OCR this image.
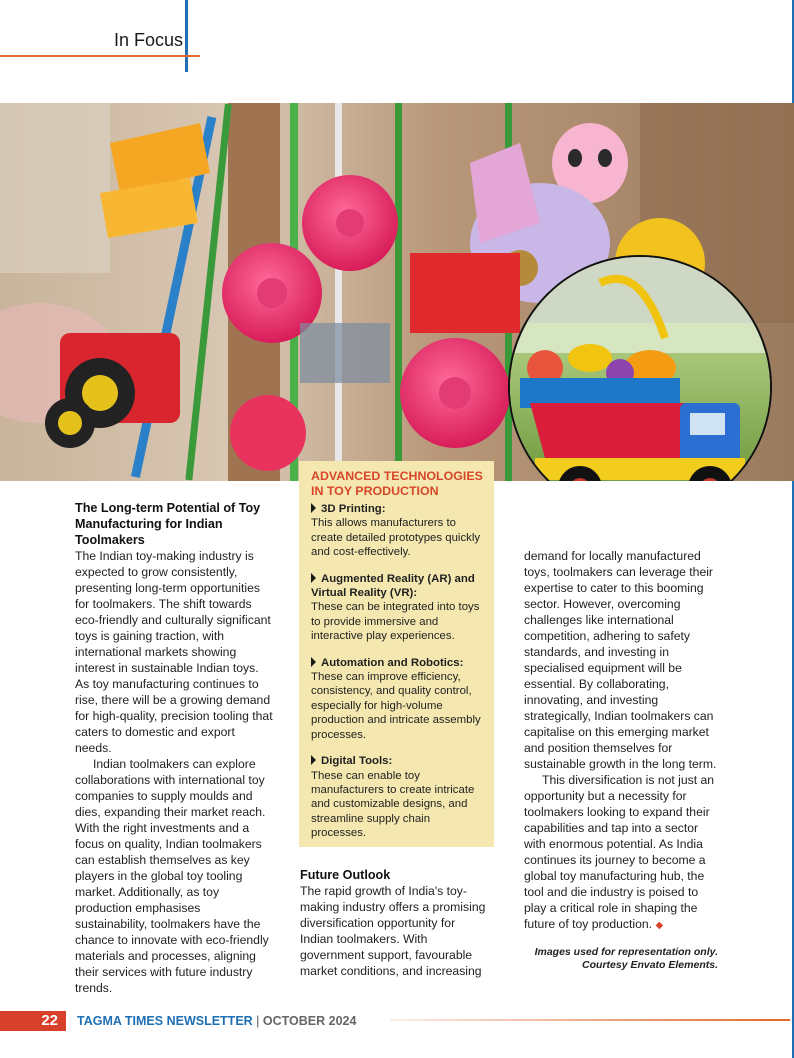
In Focus

The Long-term Potential of Toy Manufacturing for Indian Toolmakers

The Indian toy-making industry is expected to grow consistently, presenting long-term opportunities for toolmakers. The shift towards eco-friendly and culturally significant toys is gaining traction, with international markets showing interest in sustainable Indian toys. As toy manufacturing continues to rise, there will be a growing demand for high-quality, precision tooling that caters to domestic and export needs.

Indian toolmakers can explore collaborations with international toy companies to supply moulds and dies, expanding their market reach. With the right investments and a focus on quality, Indian toolmakers can establish themselves as key players in the global toy tooling market. Additionally, as toy production emphasises sustainability, toolmakers have the chance to innovate with eco-friendly materials and processes, aligning their services with future industry trends.

ADVANCED TECHNOLOGIES IN TOY PRODUCTION

3D Printing:
This allows manufacturers to create detailed prototypes quickly and cost-effectively.
Augmented Reality (AR) and Virtual Reality (VR):
These can be integrated into toys to provide immersive and interactive play experiences.
Automation and Robotics:
These can improve efficiency, consistency, and quality control, especially for high-volume production and intricate assembly processes.
Digital Tools:
These can enable toy manufacturers to create intricate and customizable designs, and streamline supply chain processes.

Future Outlook

The rapid growth of India's toy-making industry offers a promising diversification opportunity for Indian toolmakers. With government support, favourable market conditions, and increasing

demand for locally manufactured toys, toolmakers can leverage their expertise to cater to this booming sector. However, overcoming challenges like international competition, adhering to safety standards, and investing in specialised equipment will be essential. By collaborating, innovating, and investing strategically, Indian toolmakers can capitalise on this emerging market and position themselves for sustainable growth in the long term.

This diversification is not just an opportunity but a necessity for toolmakers looking to expand their capabilities and tap into a sector with enormous potential. As India continues its journey to become a global toy manufacturing hub, the tool and die industry is poised to play a critical role in shaping the future of toy production. ◆

Images used for representation only.
Courtesy Envato Elements.
22	TAGMA TIMES NEWSLETTER | OCTOBER 2024
